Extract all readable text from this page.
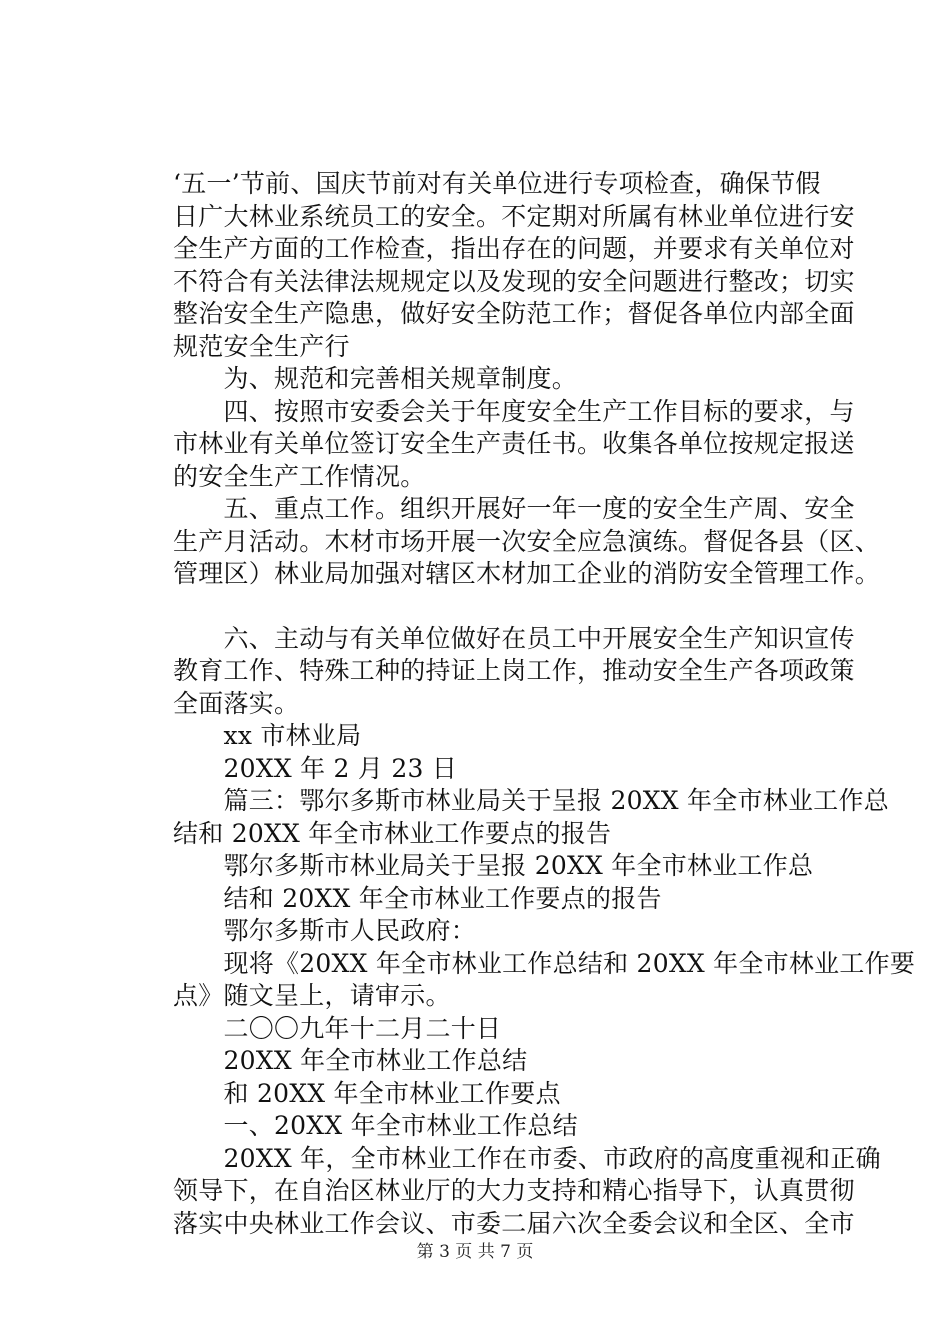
‘五一’节前、国庆节前对有关单位进行专项检查，确保节假

日广大林业系统员工的安全。不定期对所属有林业单位进行安

全生产方面的工作检查，指出存在的问题，并要求有关单位对

不符合有关法律法规规定以及发现的安全问题进行整改；切实

整治安全生产隐患，做好安全防范工作；督促各单位内部全面

规范安全生产行

　　为、规范和完善相关规章制度。

　　四、按照市安委会关于年度安全生产工作目标的要求，与

市林业有关单位签订安全生产责任书。收集各单位按规定报送

的安全生产工作情况。

　　五、重点工作。组织开展好一年一度的安全生产周、安全

生产月活动。木材市场开展一次安全应急演练。督促各县（区、

管理区）林业局加强对辖区木材加工企业的消防安全管理工作。

　　六、主动与有关单位做好在员工中开展安全生产知识宣传

教育工作、特殊工种的持证上岗工作，推动安全生产各项政策

全面落实。

　　xx 市林业局

　　20XX 年 2 月 23 日

　　篇三：鄂尔多斯市林业局关于呈报 20XX 年全市林业工作总

结和 20XX 年全市林业工作要点的报告

　　鄂尔多斯市林业局关于呈报 20XX 年全市林业工作总

　　结和 20XX 年全市林业工作要点的报告

　　鄂尔多斯市人民政府：

　　现将《20XX 年全市林业工作总结和 20XX 年全市林业工作要

点》随文呈上，请审示。

　　二〇〇九年十二月二十日

　　20XX 年全市林业工作总结

　　和 20XX 年全市林业工作要点

　　一、20XX 年全市林业工作总结

　　20XX 年，全市林业工作在市委、市政府的高度重视和正确

领导下，在自治区林业厅的大力支持和精心指导下，认真贯彻

落实中央林业工作会议、市委二届六次全委会议和全区、全市

第 3 页 共 7 页
